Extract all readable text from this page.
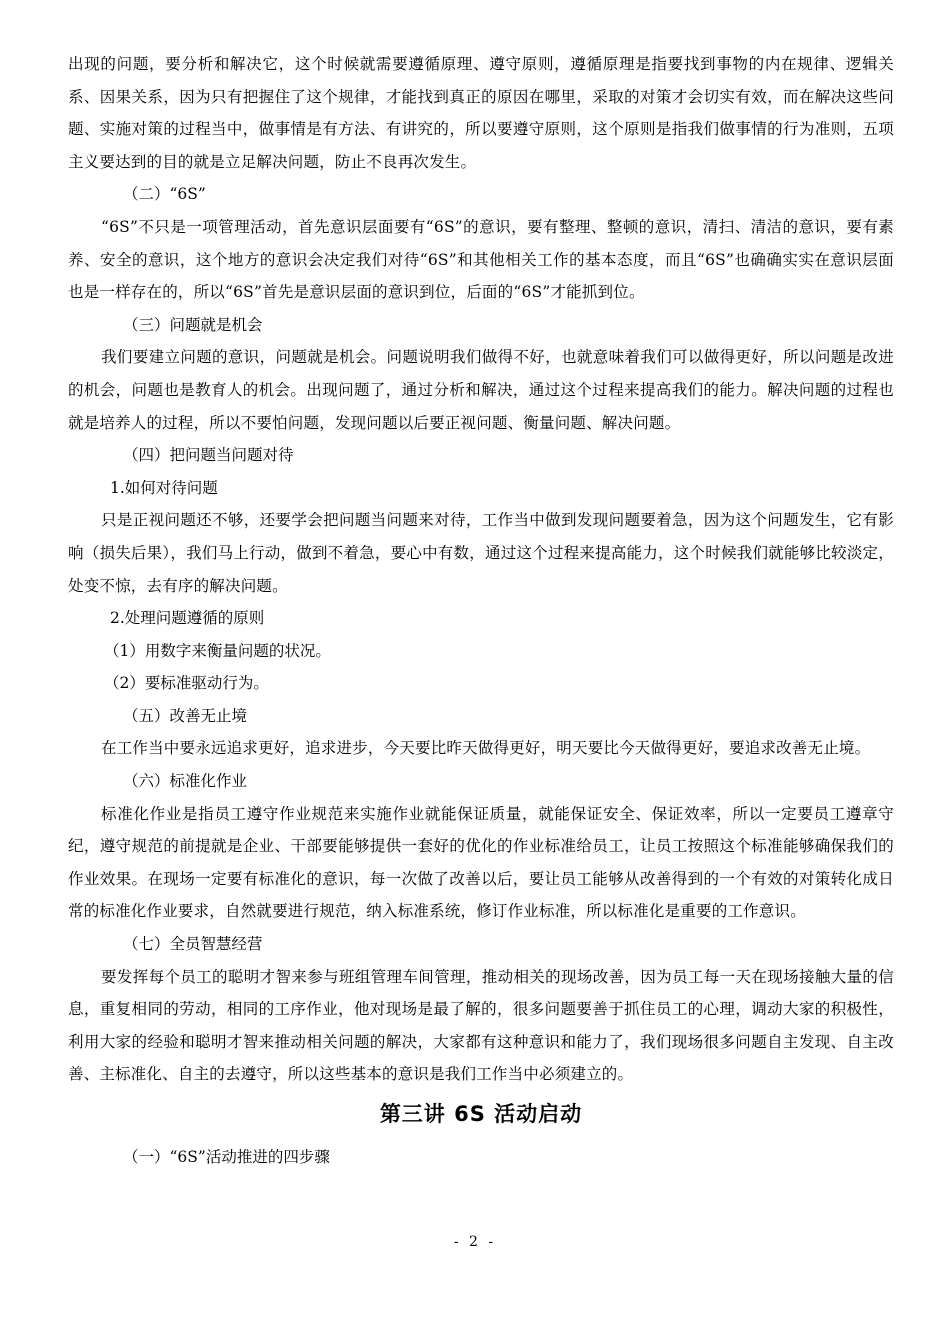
出现的问题，要分析和解决它，这个时候就需要遵循原理、遵守原则，遵循原理是指要找到事物的内在规律、逻辑关系、因果关系，因为只有把握住了这个规律，才能找到真正的原因在哪里，采取的对策才会切实有效，而在解决这些问题、实施对策的过程当中，做事情是有方法、有讲究的，所以要遵守原则，这个原则是指我们做事情的行为准则，五项主义要达到的目的就是立足解决问题，防止不良再次发生。

（二）“6S”

“6S”不只是一项管理活动，首先意识层面要有“6S”的意识，要有整理、整顿的意识，清扫、清洁的意识，要有素养、安全的意识，这个地方的意识会决定我们对待“6S”和其他相关工作的基本态度，而且“6S”也确确实实在意识层面也是一样存在的，所以“6S”首先是意识层面的意识到位，后面的“6S”才能抓到位。

（三）问题就是机会

我们要建立问题的意识，问题就是机会。问题说明我们做得不好，也就意味着我们可以做得更好，所以问题是改进的机会，问题也是教育人的机会。出现问题了，通过分析和解决，通过这个过程来提高我们的能力。解决问题的过程也就是培养人的过程，所以不要怕问题，发现问题以后要正视问题、衡量问题、解决问题。

（四）把问题当问题对待

1.如何对待问题

只是正视问题还不够，还要学会把问题当问题来对待，工作当中做到发现问题要着急，因为这个问题发生，它有影响（损失后果），我们马上行动，做到不着急，要心中有数，通过这个过程来提高能力，这个时候我们就能够比较淡定，处变不惊，去有序的解决问题。

2.处理问题遵循的原则

（1）用数字来衡量问题的状况。

（2）要标准驱动行为。

（五）改善无止境

在工作当中要永远追求更好，追求进步，今天要比昨天做得更好，明天要比今天做得更好，要追求改善无止境。

（六）标准化作业

标准化作业是指员工遵守作业规范来实施作业就能保证质量，就能保证安全、保证效率，所以一定要员工遵章守纪，遵守规范的前提就是企业、干部要能够提供一套好的优化的作业标准给员工，让员工按照这个标准能够确保我们的作业效果。在现场一定要有标准化的意识，每一次做了改善以后，要让员工能够从改善得到的一个有效的对策转化成日常的标准化作业要求，自然就要进行规范，纳入标准系统，修订作业标准，所以标准化是重要的工作意识。

（七）全员智慧经营

要发挥每个员工的聪明才智来参与班组管理车间管理，推动相关的现场改善，因为员工每一天在现场接触大量的信息，重复相同的劳动，相同的工序作业，他对现场是最了解的，很多问题要善于抓住员工的心理，调动大家的积极性，利用大家的经验和聪明才智来推动相关问题的解决，大家都有这种意识和能力了，我们现场很多问题自主发现、自主改善、主标准化、自主的去遵守，所以这些基本的意识是我们工作当中必须建立的。

第三讲 6S 活动启动

（一）“6S”活动推进的四步骤

- 2 -
